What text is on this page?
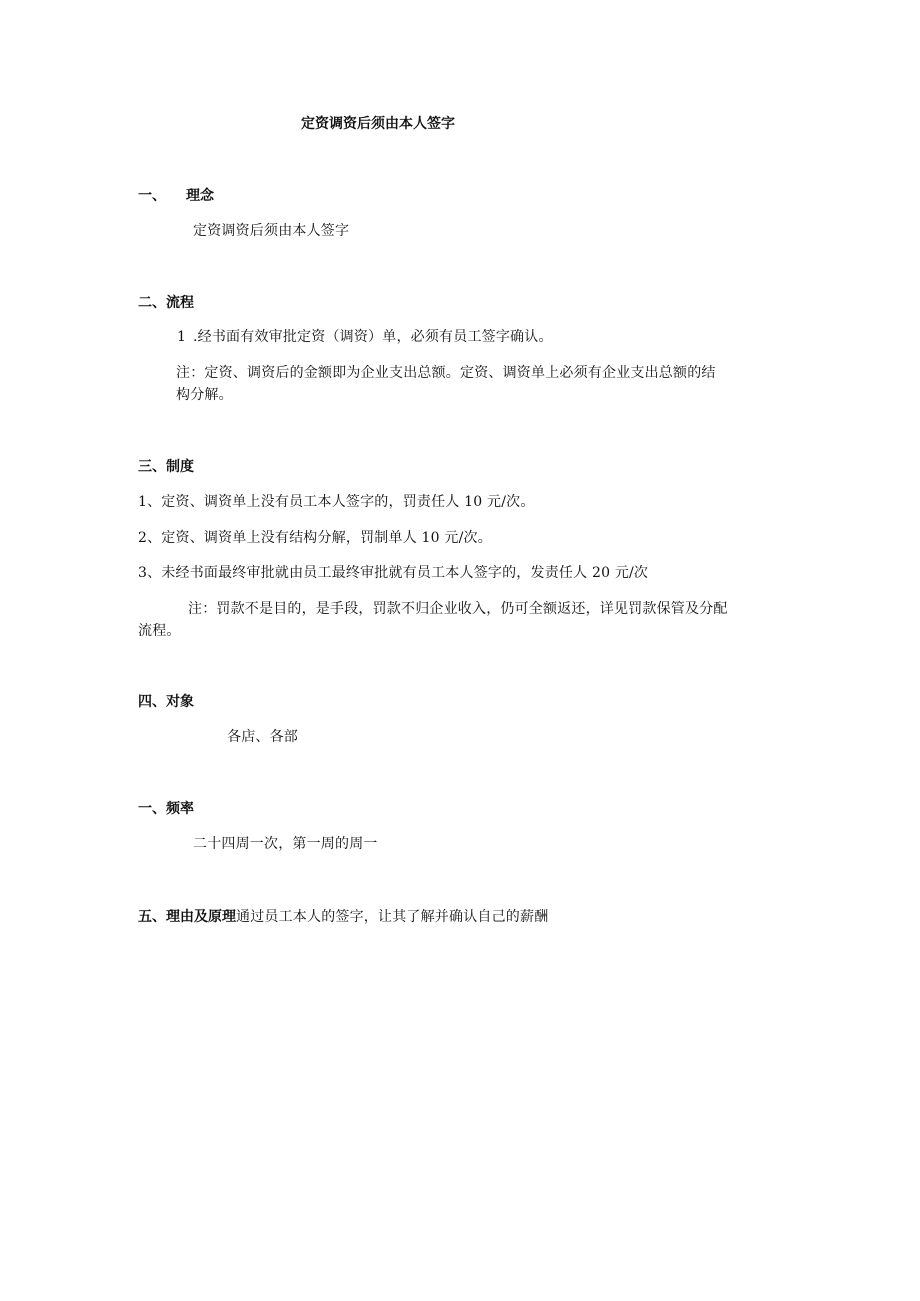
定资调资后须由本人签字
一、 理念
定资调资后须由本人签字
二、流程
1 .经书面有效审批定资（调资）单，必须有员工签字确认。
注：定资、调资后的金额即为企业支出总额。定资、调资单上必须有企业支出总额的结
构分解。
三、制度
1、定资、调资单上没有员工本人签字的，罚责任人 10 元/次。
2、定资、调资单上没有结构分解，罚制单人 10 元/次。
3、未经书面最终审批就由员工最终审批就有员工本人签字的，发责任人 20 元/次
注：罚款不是目的，是手段，罚款不归企业收入，仍可全额返还，详见罚款保管及分配
流程。
四、对象
各店、各部
一、频率
二十四周一次，第一周的周一
五、理由及原理通过员工本人的签字，让其了解并确认自己的薪酬
